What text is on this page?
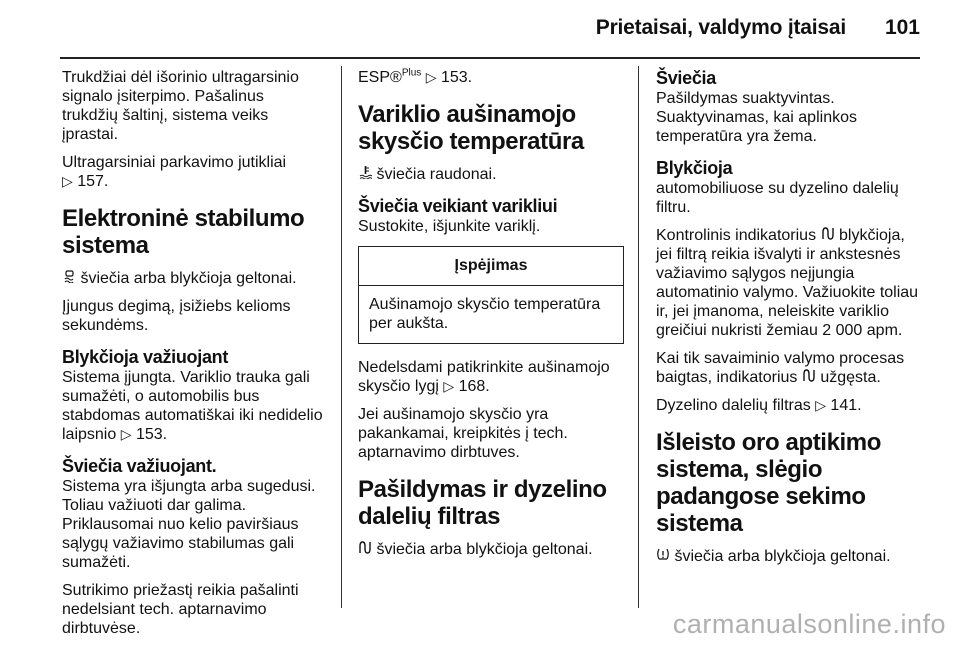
Prietaisai, valdymo įtaisai 101

Trukdžiai dėl išorinio ultragarsinio signalo įsiterpimo. Pašalinus trukdžių šaltinį, sistema veiks įprastai.

Ultragarsiniai parkavimo jutikliai
▷ 157.

Elektroninė stabilumo sistema

šviečia arba blykčioja geltonai.

Įjungus degimą, įsižiebs kelioms sekundėms.

Blykčioja važiuojant

Sistema įjungta. Variklio trauka gali sumažėti, o automobilis bus stabdomas automatiškai iki nedidelio laipsnio ▷ 153.

Šviečia važiuojant.

Sistema yra išjungta arba sugedusi. Toliau važiuoti dar galima. Priklausomai nuo kelio paviršiaus sąlygų važiavimo stabilumas gali sumažėti.

Sutrikimo priežastį reikia pašalinti nedelsiant tech. aptarnavimo dirbtuvėse.

ESP®$^{Plus}$ ▷ 153.

Variklio aušinamojo skysčio temperatūra

šviečia raudonai.

Šviečia veikiant varikliui

Sustokite, išjunkite variklį.

Įspėjimas
Aušinamojo skysčio temperatūra per aukšta.

Nedelsdami patikrinkite aušinamojo skysčio lygį ▷ 168.

Jei aušinamojo skysčio yra pakankamai, kreipkitės į tech. aptarnavimo dirbtuves.

Pašildymas ir dyzelino dalelių filtras

šviečia arba blykčioja geltonai.

Šviečia

Pašildymas suaktyvintas. Suaktyvinamas, kai aplinkos temperatūra yra žema.

Blykčioja

automobiliuose su dyzelino dalelių filtru.

Kontrolinis indikatorius blykčioja, jei filtrą reikia išvalyti ir ankstesnės važiavimo sąlygos neįjungia automatinio valymo. Važiuokite toliau ir, jei įmanoma, neleiskite variklio greičiui nukristi žemiau 2 000 apm.

Kai tik savaiminio valymo procesas baigtas, indikatorius užgęsta.

Dyzelino dalelių filtras ▷ 141.

Išleisto oro aptikimo sistema, slėgio padangose sekimo sistema

šviečia arba blykčioja geltonai.

carmanualsonline.info
